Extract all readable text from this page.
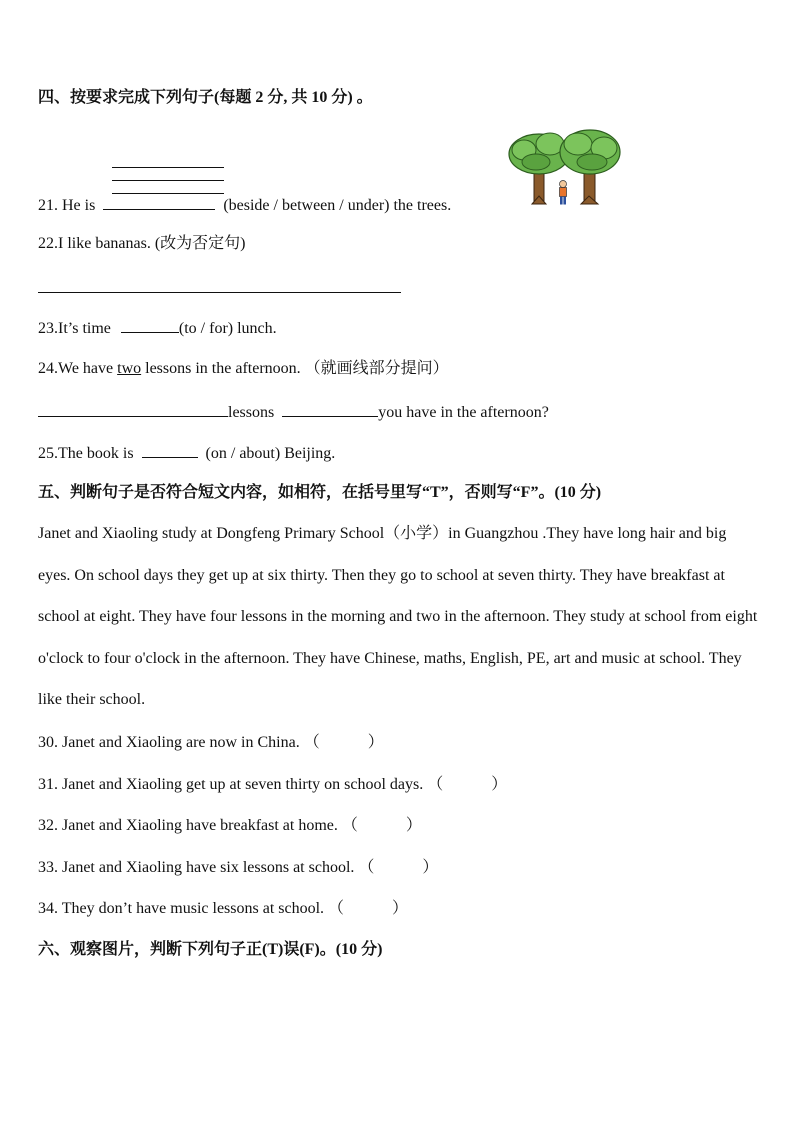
四、按要求完成下列句子(每题 2 分, 共 10 分) 。
21. He is	(beside / between / under) the trees.
22.I like bananas. (改为否定句)
23.It’s time	(to / for) lunch.
24.We have two lessons in the afternoon. （就画线部分提问）
lessons	you have in the afternoon?
25.The book is	(on / about) Beijing.
五、判断句子是否符合短文内容，如相符，在括号里写“T”，否则写“F”。(10 分)
Janet and Xiaoling study at Dongfeng Primary School（小学）in Guangzhou .They have long hair and big eyes. On school days they get up at six thirty. Then they go to school at seven thirty. They have breakfast at school at eight. They have four lessons in the morning and two in the afternoon. They study at school from eight o'clock to four o'clock in the afternoon. They have Chinese, maths, English, PE, art and music at school. They like their school.
30. Janet and Xiaoling are now in China. （            ）
31. Janet and Xiaoling get up at seven thirty on school days. （            ）
32. Janet and Xiaoling have breakfast at home. （            ）
33. Janet and Xiaoling have six lessons at school. （            ）
34. They don’t have music lessons at school. （            ）
六、观察图片，判断下列句子正(T)误(F)。(10 分)
